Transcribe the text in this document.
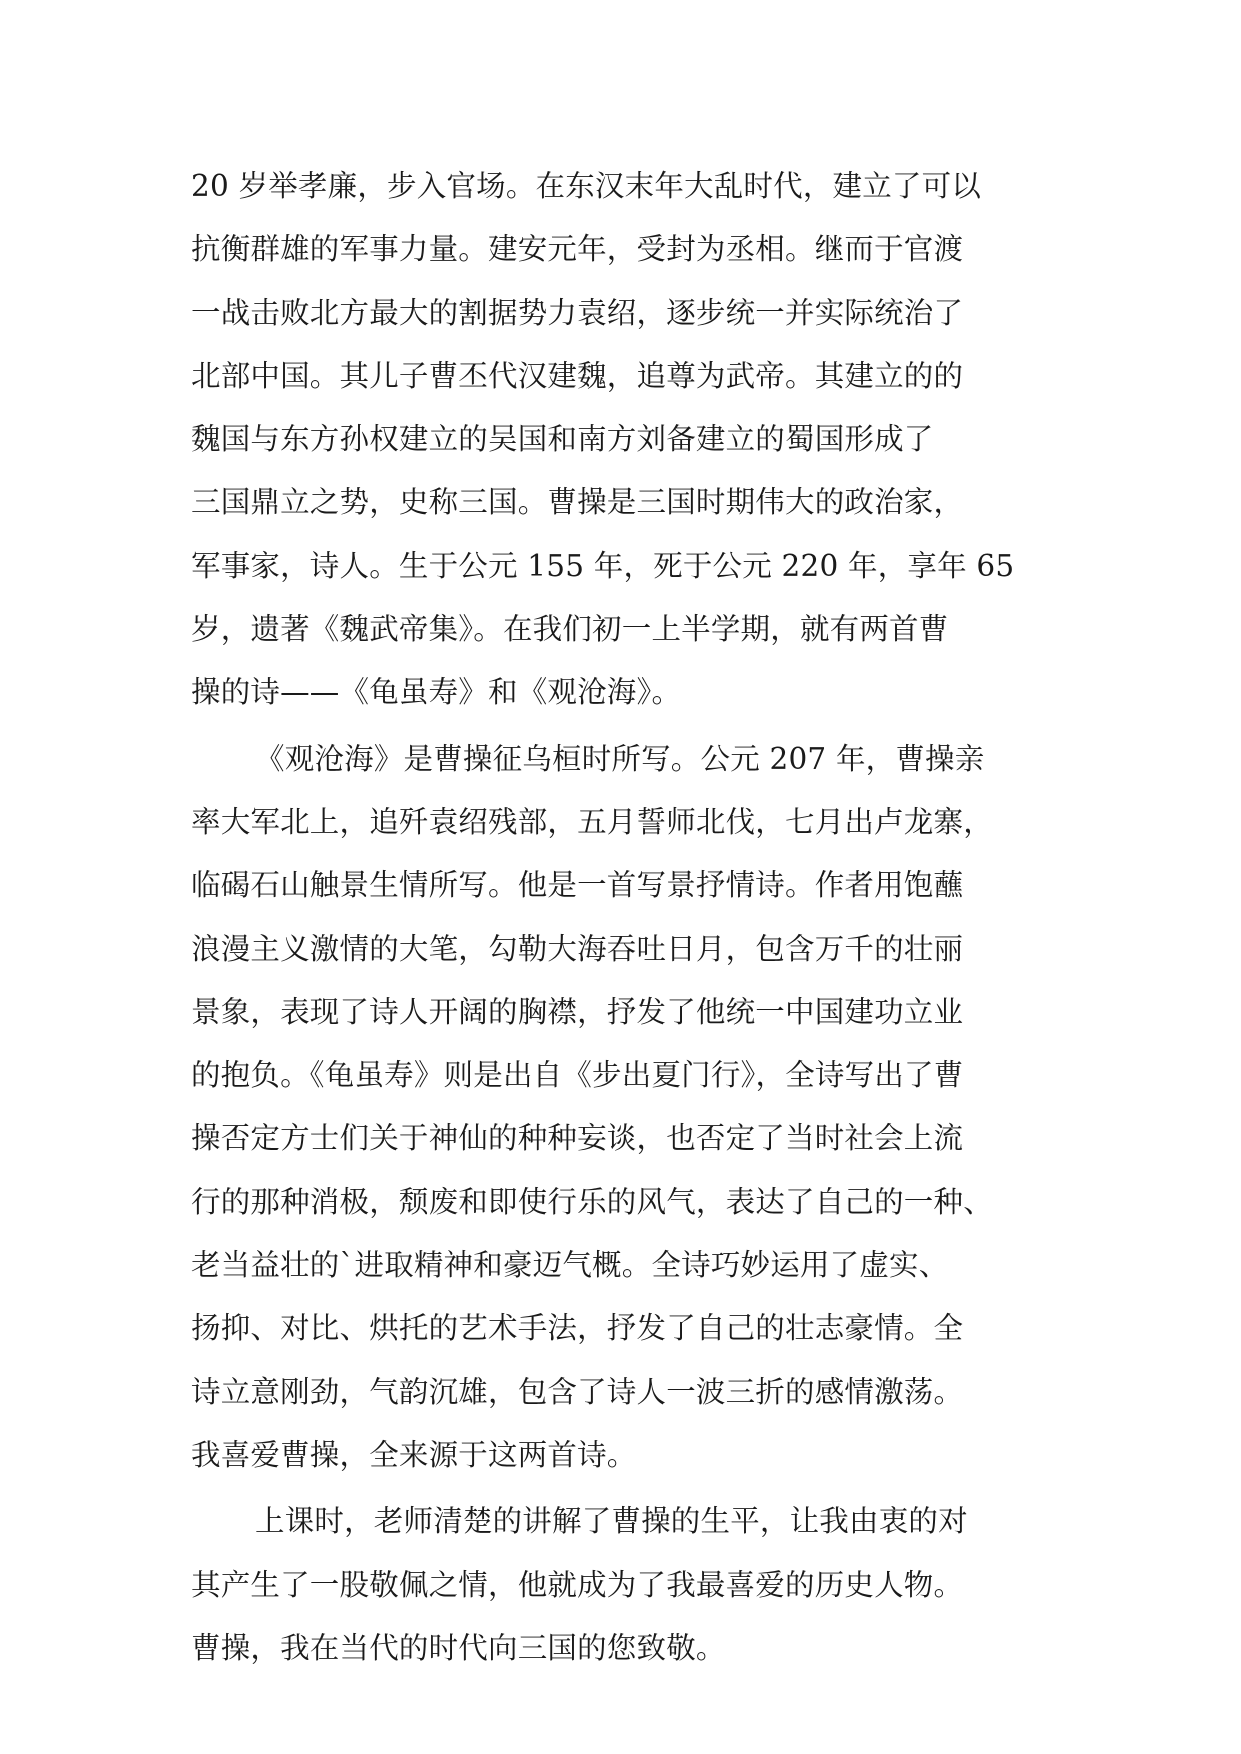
20 岁举孝廉，步入官场。在东汉末年大乱时代，建立了可以
抗衡群雄的军事力量。建安元年，受封为丞相。继而于官渡
一战击败北方最大的割据势力袁绍，逐步统一并实际统治了
北部中国。其儿子曹丕代汉建魏，追尊为武帝。其建立的的
魏国与东方孙权建立的吴国和南方刘备建立的蜀国形成了
三国鼎立之势，史称三国。曹操是三国时期伟大的政治家，
军事家，诗人。生于公元 155 年，死于公元 220 年，享年 65
岁，遗著《魏武帝集》。在我们初一上半学期，就有两首曹
操的诗——《龟虽寿》和《观沧海》。
《观沧海》是曹操征乌桓时所写。公元 207 年，曹操亲
率大军北上，追歼袁绍残部，五月誓师北伐，七月出卢龙寨，
临碣石山触景生情所写。他是一首写景抒情诗。作者用饱蘸
浪漫主义激情的大笔，勾勒大海吞吐日月，包含万千的壮丽
景象，表现了诗人开阔的胸襟，抒发了他统一中国建功立业
的抱负。《龟虽寿》则是出自《步出夏门行》，全诗写出了曹
操否定方士们关于神仙的种种妄谈，也否定了当时社会上流
行的那种消极，颓废和即使行乐的风气，表达了自己的一种、
老当益壮的`进取精神和豪迈气概。全诗巧妙运用了虚实、
扬抑、对比、烘托的艺术手法，抒发了自己的壮志豪情。全
诗立意刚劲，气韵沉雄，包含了诗人一波三折的感情激荡。
我喜爱曹操，全来源于这两首诗。
上课时，老师清楚的讲解了曹操的生平，让我由衷的对
其产生了一股敬佩之情，他就成为了我最喜爱的历史人物。
曹操，我在当代的时代向三国的您致敬。
